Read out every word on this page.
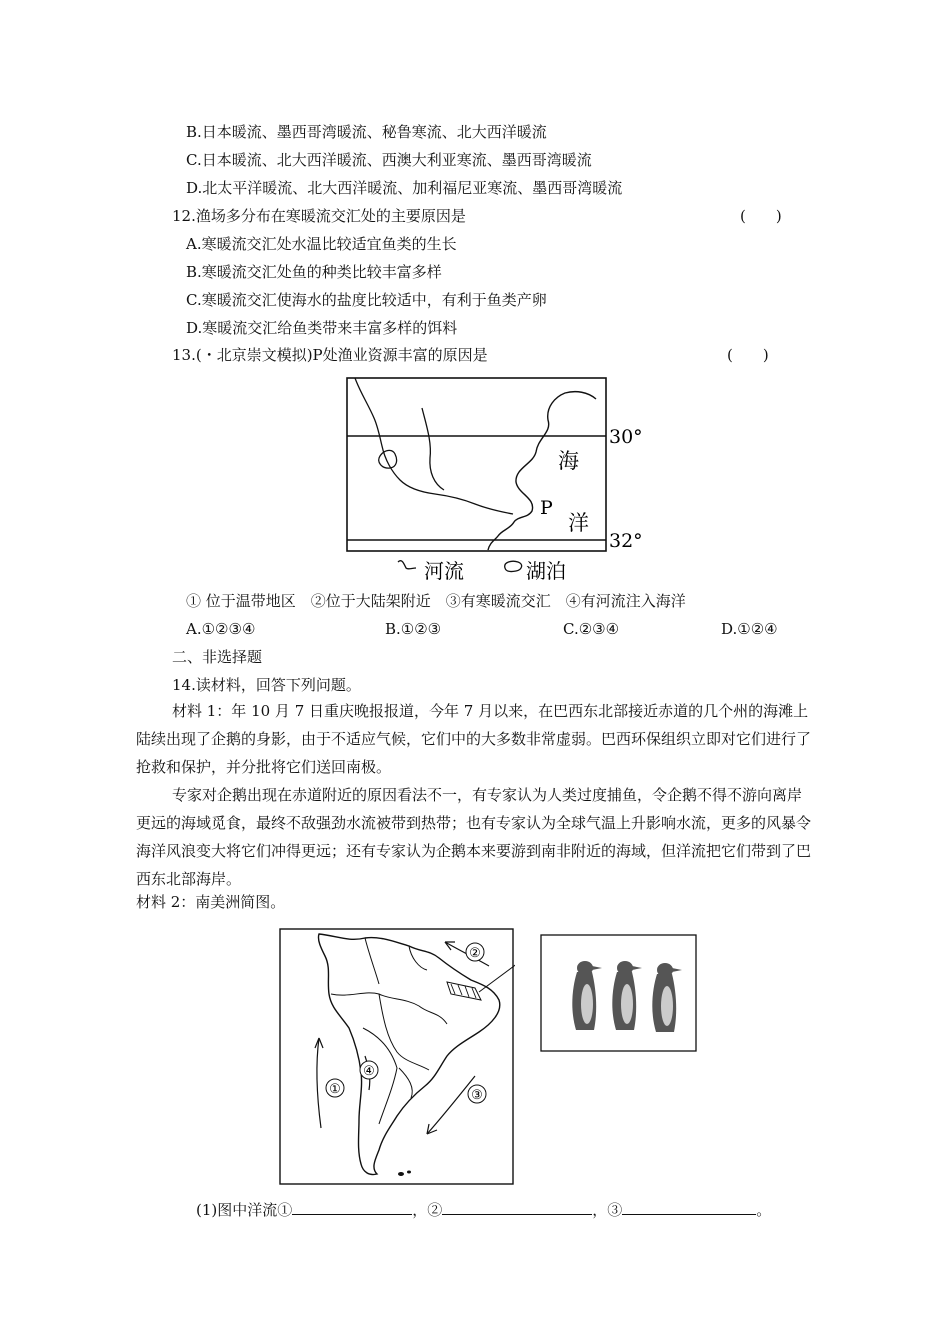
B.日本暖流、墨西哥湾暖流、秘鲁寒流、北大西洋暖流
C.日本暖流、北大西洋暖流、西澳大利亚寒流、墨西哥湾暖流
D.北太平洋暖流、北大西洋暖流、加利福尼亚寒流、墨西哥湾暖流
12.渔场多分布在寒暖流交汇处的主要原因是	(　　)
A.寒暖流交汇处水温比较适宜鱼类的生长
B.寒暖流交汇处鱼的种类比较丰富多样
C.寒暖流交汇使海水的盐度比较适中，有利于鱼类产卵
D.寒暖流交汇给鱼类带来丰富多样的饵料
13.(・北京崇文模拟)P处渔业资源丰富的原因是	(　　)
30°
32°
海
洋
P
河流	湖泊
① 位于温带地区　②位于大陆架附近　③有寒暖流交汇　④有河流注入海洋
A.①②③④	B.①②③	C.②③④	D.①②④
二、非选择题
14.读材料，回答下列问题。
材料 1：年 10 月 7 日重庆晚报报道，今年 7 月以来，在巴西东北部接近赤道的几个州的海滩上陆续出现了企鹅的身影，由于不适应气候，它们中的大多数非常虚弱。巴西环保组织立即对它们进行了抢救和保护，并分批将它们送回南极。
专家对企鹅出现在赤道附近的原因看法不一，有专家认为人类过度捕鱼，令企鹅不得不游向离岸更远的海域觅食，最终不敌强劲水流被带到热带；也有专家认为全球气温上升影响水流，更多的风暴令海洋风浪变大将它们冲得更远；还有专家认为企鹅本来要游到南非附近的海域，但洋流把它们带到了巴西东北部海岸。
材料 2：南美洲简图。
①
②
③
④
(1)图中洋流①	，②	，③	。
